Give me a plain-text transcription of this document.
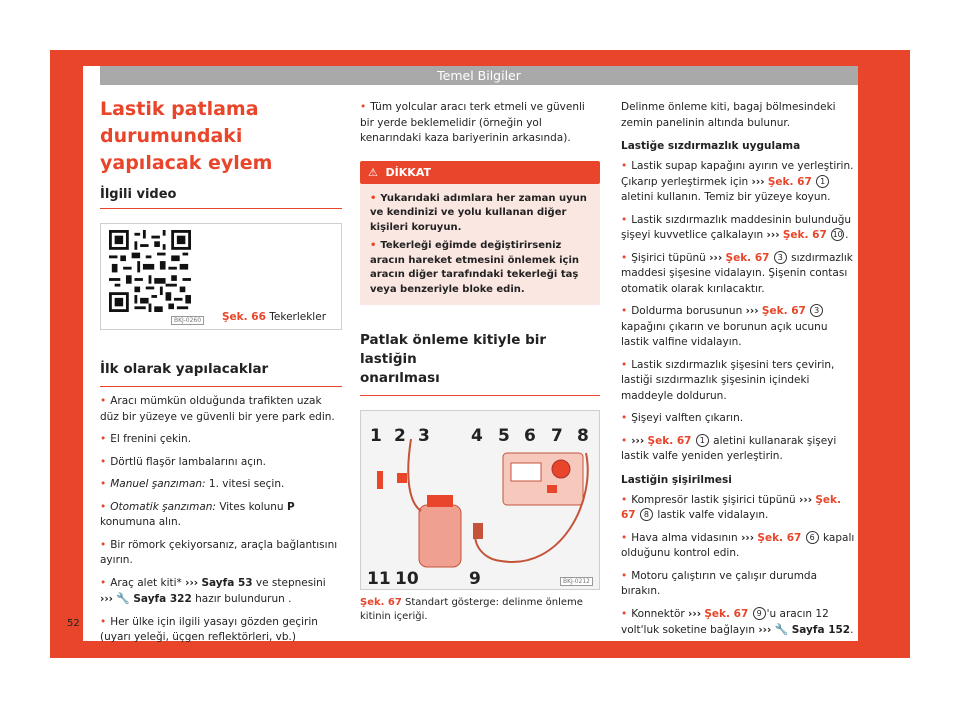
Temel Bilgiler
52
Lastik patlama durumundaki
yapılacak eylem
İlgili video
BKJ-0260 Şek. 66 Tekerlekler
İlk olarak yapılacaklar

• Aracı mümkün olduğunda trafikten uzak düz bir yüzeye ve güvenli bir yere park edin.

• El frenini çekin.

• Dörtlü flaşör lambalarını açın.

• Manuel şanzıman: 1. vitesi seçin.

• Otomatik şanzıman: Vites kolunu P konumuna alın.

• Bir römork çekiyorsanız, araçla bağlantısını ayırın.

• Araç alet kiti* ››› Sayfa 53 ve stepnesini
››› 🔧 Sayfa 322 hazır bulundurun .

• Her ülke için ilgili yasayı gözden geçirin (uyarı yeleği, üçgen reflektörleri, vb.)

• Tüm yolcular aracı terk etmeli ve güvenli bir yerde beklemelidir (örneğin yol kenarındaki kaza bariyerinin arkasında).

⚠ DİKKAT

• Yukarıdaki adımlara her zaman uyun ve kendinizi ve yolu kullanan diğer kişileri koruyun.

• Tekerleği eğimde değiştirirseniz aracın hareket etmesini önlemek için aracın diğer tarafındaki tekerleği taş veya benzeriyle bloke edin.

Patlak önleme kitiyle bir lastiğin
onarılması
1 2 3 4 5 6 7 8
9
10
11	BKJ-0212
Şek. 67 Standart gösterge: delinme önleme kitinin içeriği.

Delinme önleme kiti, bagaj bölmesindeki zemin panelinin altında bulunur.

Lastiğe sızdırmazlık uygulama

• Lastik supap kapağını ayırın ve yerleştirin. Çıkarıp yerleştirmek için ››› Şek. 67 1 aletini kullanın. Temiz bir yüzeye koyun.

• Lastik sızdırmazlık maddesinin bulunduğu şişeyi kuvvetlice çalkalayın ››› Şek. 67 10 .

• Şişirici tüpünü ››› Şek. 67 3 sızdırmazlık maddesi şişesine vidalayın. Şişenin contası otomatik olarak kırılacaktır.

• Doldurma borusunun ››› Şek. 67 3 kapağını çıkarın ve borunun açık ucunu lastik valfine vidalayın.

• Lastik sızdırmazlık şişesini ters çevirin, lastiği sızdırmazlık şişesinin içindeki maddeyle doldurun.

• Şişeyi valften çıkarın.

• ››› Şek. 67 1 aletini kullanarak şişeyi lastik valfe yeniden yerleştirin.

Lastiğin şişirilmesi

• Kompresör lastik şişirici tüpünü ››› Şek. 67 8 lastik valfe vidalayın.

• Hava alma vidasının ››› Şek. 67 6 kapalı olduğunu kontrol edin.

• Motoru çalıştırın ve çalışır durumda bırakın.

• Konnektör ››› Şek. 67 9 'u aracın 12 volt'luk soketine bağlayın ››› 🔧 Sayfa 152.
